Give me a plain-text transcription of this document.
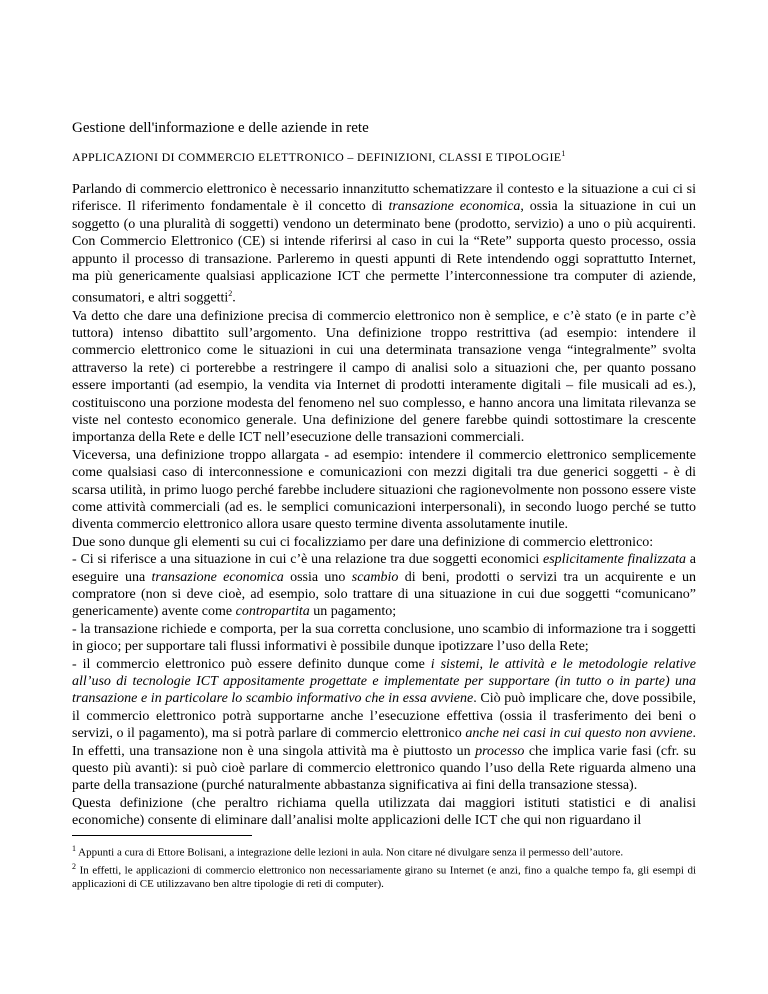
Gestione dell'informazione e delle aziende in rete
APPLICAZIONI DI COMMERCIO ELETTRONICO – DEFINIZIONI, CLASSI E TIPOLOGIE$^1$

Parlando di commercio elettronico è necessario innanzitutto schematizzare il contesto e la situazione a cui ci si riferisce. Il riferimento fondamentale è il concetto di transazione economica, ossia la situazione in cui un soggetto (o una pluralità di soggetti) vendono un determinato bene (prodotto, servizio) a uno o più acquirenti. Con Commercio Elettronico (CE) si intende riferirsi al caso in cui la “Rete” supporta questo processo, ossia appunto il processo di transazione. Parleremo in questi appunti di Rete intendendo oggi soprattutto Internet, ma più genericamente qualsiasi applicazione ICT che permette l’interconnessione tra computer di aziende, consumatori, e altri soggetti$^2$.

Va detto che dare una definizione precisa di commercio elettronico non è semplice, e c’è stato (e in parte c’è tuttora) intenso dibattito sull’argomento. Una definizione troppo restrittiva (ad esempio: intendere il commercio elettronico come le situazioni in cui una determinata transazione venga “integralmente” svolta attraverso la rete) ci porterebbe a restringere il campo di analisi solo a situazioni che, per quanto possano essere importanti (ad esempio, la vendita via Internet di prodotti interamente digitali – file musicali ad es.), costituiscono una porzione modesta del fenomeno nel suo complesso, e hanno ancora una limitata rilevanza se viste nel contesto economico generale. Una definizione del genere farebbe quindi sottostimare la crescente importanza della Rete e delle ICT nell’esecuzione delle transazioni commerciali.

Viceversa, una definizione troppo allargata - ad esempio: intendere il commercio elettronico semplicemente come qualsiasi caso di interconnessione e comunicazioni con mezzi digitali tra due generici soggetti - è di scarsa utilità, in primo luogo perché farebbe includere situazioni che ragionevolmente non possono essere viste come attività commerciali (ad es. le semplici comunicazioni interpersonali), in secondo luogo perché se tutto diventa commercio elettronico allora usare questo termine diventa assolutamente inutile.

Due sono dunque gli elementi su cui ci focalizziamo per dare una definizione di commercio elettronico:

- Ci si riferisce a una situazione in cui c’è una relazione tra due soggetti economici esplicitamente finalizzata a eseguire una transazione economica ossia uno scambio di beni, prodotti o servizi tra un acquirente e un compratore (non si deve cioè, ad esempio, solo trattare di una situazione in cui due soggetti “comunicano” genericamente) avente come contropartita un pagamento;

- la transazione richiede e comporta, per la sua corretta conclusione, uno scambio di informazione tra i soggetti in gioco; per supportare tali flussi informativi è possibile dunque ipotizzare l’uso della Rete;

- il commercio elettronico può essere definito dunque come i sistemi, le attività e le metodologie relative all’uso di tecnologie ICT appositamente progettate e implementate per supportare (in tutto o in parte) una transazione e in particolare lo scambio informativo che in essa avviene. Ciò può implicare che, dove possibile, il commercio elettronico potrà supportarne anche l’esecuzione effettiva (ossia il trasferimento dei beni o servizi, o il pagamento), ma si potrà parlare di commercio elettronico anche nei casi in cui questo non avviene. In effetti, una transazione non è una singola attività ma è piuttosto un processo che implica varie fasi (cfr. su questo più avanti): si può cioè parlare di commercio elettronico quando l’uso della Rete riguarda almeno una parte della transazione (purché naturalmente abbastanza significativa ai fini della transazione stessa).

Questa definizione (che peraltro richiama quella utilizzata dai maggiori istituti statistici e di analisi economiche) consente di eliminare dall’analisi molte applicazioni delle ICT che qui non riguardano il

$^1$ Appunti a cura di Ettore Bolisani, a integrazione delle lezioni in aula. Non citare né divulgare senza il permesso dell’autore.

$^2$ In effetti, le applicazioni di commercio elettronico non necessariamente girano su Internet (e anzi, fino a qualche tempo fa, gli esempi di applicazioni di CE utilizzavano ben altre tipologie di reti di computer).
